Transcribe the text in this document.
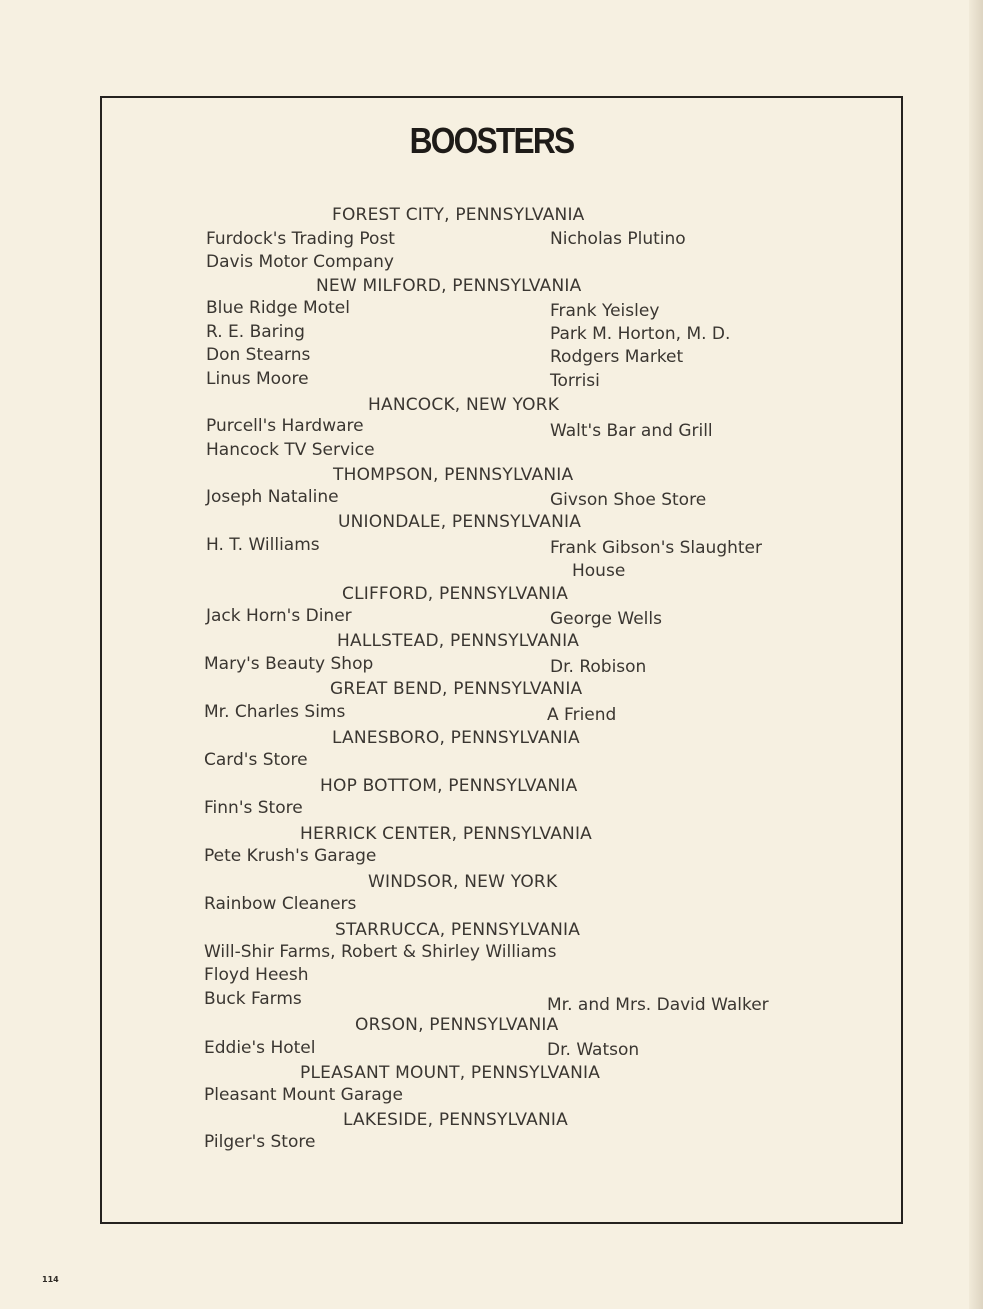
BOOSTERS
FOREST CITY, PENNSYLVANIA
Furdock's Trading Post	Nicholas Plutino
Davis Motor Company
NEW MILFORD, PENNSYLVANIA
Blue Ridge Motel	Frank Yeisley
R. E. Baring	Park M. Horton, M. D.
Don Stearns	Rodgers Market
Linus Moore	Torrisi
HANCOCK, NEW YORK
Purcell's Hardware	Walt's Bar and Grill
Hancock TV Service
THOMPSON, PENNSYLVANIA
Joseph Nataline	Givson Shoe Store
UNIONDALE, PENNSYLVANIA
H. T. Williams	Frank Gibson's Slaughter
House
CLIFFORD, PENNSYLVANIA
Jack Horn's Diner	George Wells
HALLSTEAD, PENNSYLVANIA
Mary's Beauty Shop	Dr. Robison
GREAT BEND, PENNSYLVANIA
Mr. Charles Sims	A Friend
LANESBORO, PENNSYLVANIA
Card's Store
HOP BOTTOM, PENNSYLVANIA
Finn's Store
HERRICK CENTER, PENNSYLVANIA
Pete Krush's Garage
WINDSOR, NEW YORK
Rainbow Cleaners
STARRUCCA, PENNSYLVANIA
Will-Shir Farms, Robert & Shirley Williams
Floyd Heesh
Buck Farms	Mr. and Mrs. David Walker
ORSON, PENNSYLVANIA
Eddie's Hotel	Dr. Watson
PLEASANT MOUNT, PENNSYLVANIA
Pleasant Mount Garage
LAKESIDE, PENNSYLVANIA
Pilger's Store
114
